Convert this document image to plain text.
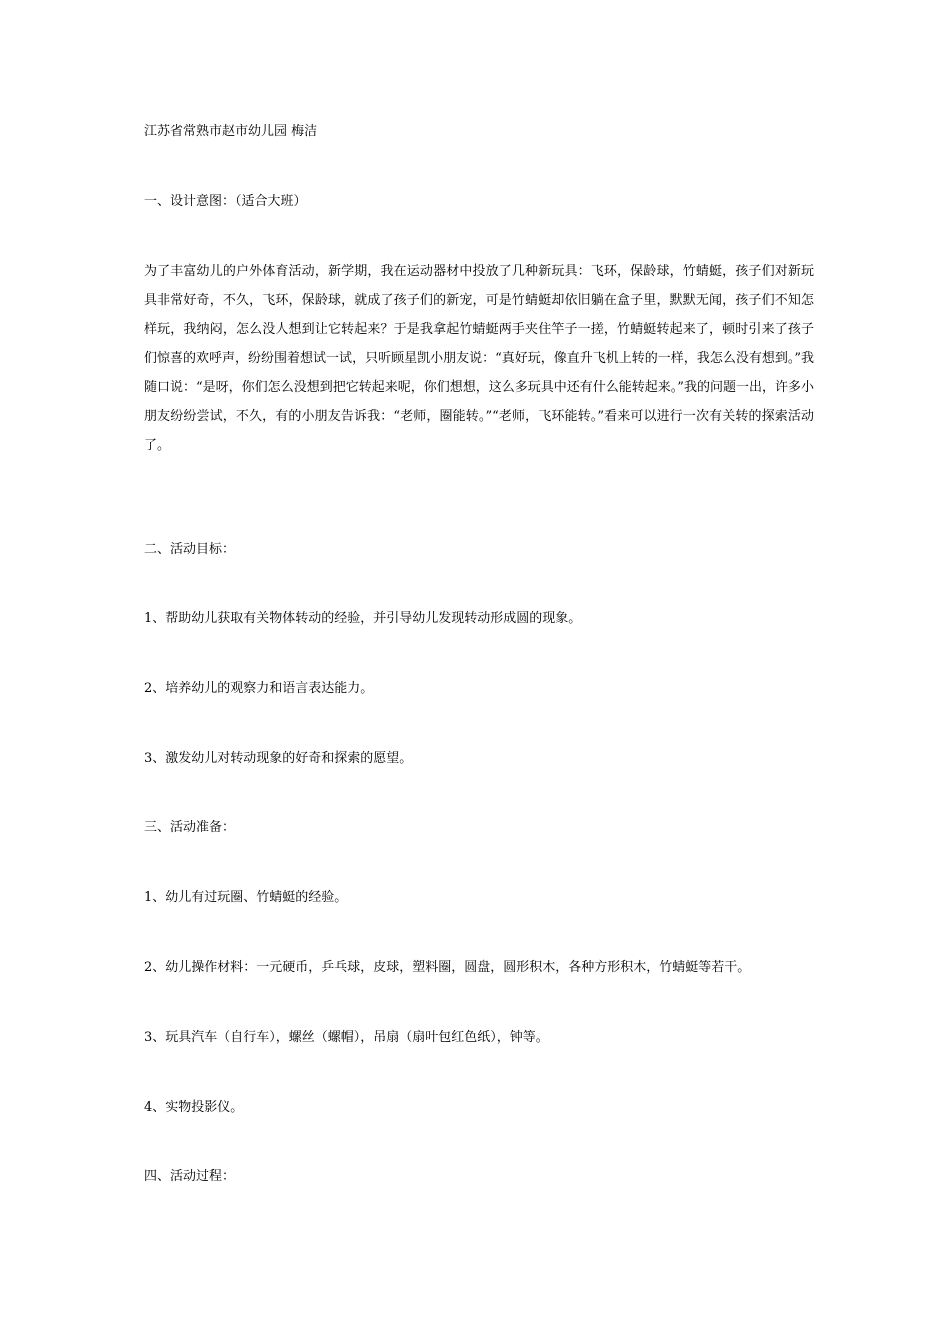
江苏省常熟市赵市幼儿园 梅洁
一、设计意图：（适合大班）
为了丰富幼儿的户外体育活动，新学期，我在运动器材中投放了几种新玩具：飞环，保龄球，竹蜻蜓，孩子们对新玩具非常好奇，不久，飞环，保龄球，就成了孩子们的新宠，可是竹蜻蜓却依旧躺在盒子里，默默无闻，孩子们不知怎样玩，我纳闷，怎么没人想到让它转起来？于是我拿起竹蜻蜓两手夹住竿子一搓，竹蜻蜓转起来了，顿时引来了孩子们惊喜的欢呼声，纷纷围着想试一试，只听顾星凯小朋友说：“真好玩，像直升飞机上转的一样，我怎么没有想到。”我随口说：“是呀，你们怎么没想到把它转起来呢，你们想想，这么多玩具中还有什么能转起来。”我的问题一出，许多小朋友纷纷尝试，不久，有的小朋友告诉我：“老师，圈能转。”“老师，飞环能转。”看来可以进行一次有关转的探索活动了。
二、活动目标：
1、帮助幼儿获取有关物体转动的经验，并引导幼儿发现转动形成圆的现象。
2、培养幼儿的观察力和语言表达能力。
3、激发幼儿对转动现象的好奇和探索的愿望。
三、活动准备：
1、幼儿有过玩圈、竹蜻蜓的经验。
2、幼儿操作材料：一元硬币，乒乓球，皮球，塑料圈，圆盘，圆形积木，各种方形积木，竹蜻蜓等若干。
3、玩具汽车（自行车），螺丝（螺帽），吊扇（扇叶包红色纸），钟等。
4、实物投影仪。
四、活动过程：
